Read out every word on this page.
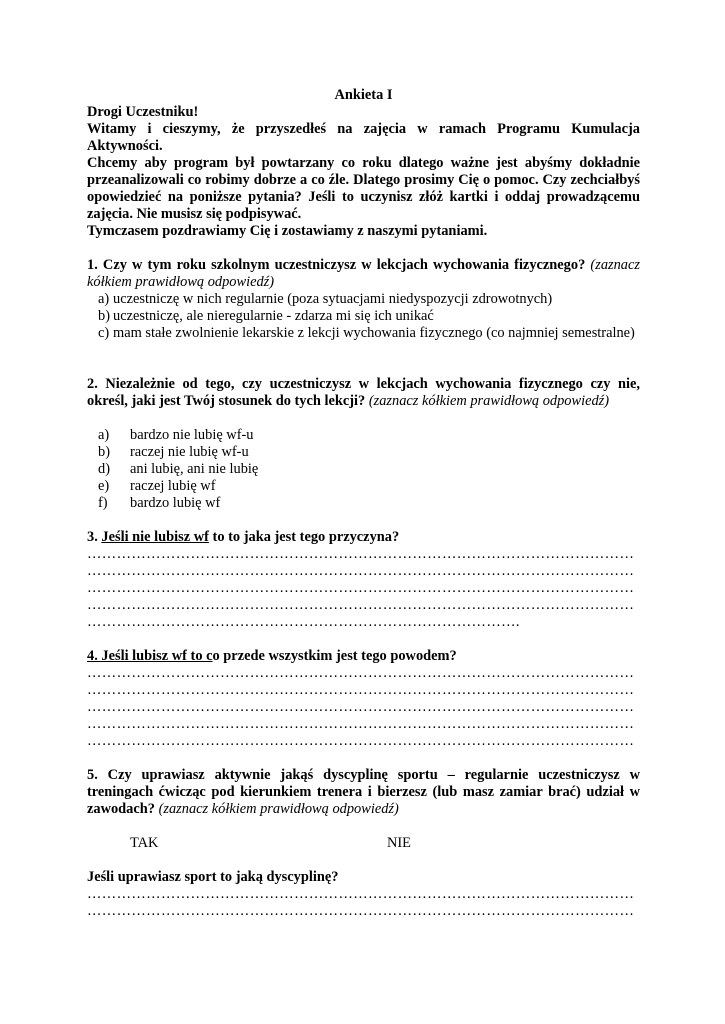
Ankieta I

Drogi Uczestniku!

Witamy i cieszymy, że przyszedłeś na zajęcia w ramach Programu Kumulacja Aktywności.

Chcemy aby program był powtarzany co roku dlatego ważne jest abyśmy dokładnie przeanalizowali co robimy dobrze a co źle. Dlatego prosimy Cię o pomoc. Czy zechciałbyś opowiedzieć na poniższe pytania? Jeśli to uczynisz złóż kartki i oddaj prowadzącemu zajęcia. Nie musisz się podpisywać.

Tymczasem pozdrawiamy Cię i zostawiamy z naszymi pytaniami.

1. Czy w tym roku szkolnym uczestniczysz w lekcjach wychowania fizycznego? (zaznacz kółkiem prawidłową odpowiedź)

a) uczestniczę w nich regularnie (poza sytuacjami niedyspozycji zdrowotnych)
b) uczestniczę, ale nieregularnie - zdarza mi się ich unikać
c) mam stałe zwolnienie lekarskie z lekcji wychowania fizycznego (co najmniej semestralne)

2. Niezależnie od tego, czy uczestniczysz w lekcjach wychowania fizycznego czy nie, określ, jaki jest Twój stosunek do tych lekcji? (zaznacz kółkiem prawidłową odpowiedź)

a) bardzo nie lubię wf-u
b) raczej nie lubię wf-u
d) ani lubię, ani nie lubię
e) raczej lubię wf
f) bardzo lubię wf

3. Jeśli nie lubisz wf to to jaka jest tego przyczyna?

…………………………………………………………………………………………………
…………………………………………………………………………………………………
…………………………………………………………………………………………………
…………………………………………………………………………………………………
…………………………………………………………………………….

4. Jeśli lubisz wf to co przede wszystkim jest tego powodem?

…………………………………………………………………………………………………
…………………………………………………………………………………………………
…………………………………………………………………………………………………
…………………………………………………………………………………………………
…………………………………………………………………………………………………

5. Czy uprawiasz aktywnie jakąś dyscyplinę sportu – regularnie uczestniczysz w treningach ćwicząc pod kierunkiem trenera i bierzesz (lub masz zamiar brać) udział w zawodach? (zaznacz kółkiem prawidłową odpowiedź)

TAK	NIE

Jeśli uprawiasz sport to jaką dyscyplinę?

…………………………………………………………………………………………………
…………………………………………………………………………………………………
